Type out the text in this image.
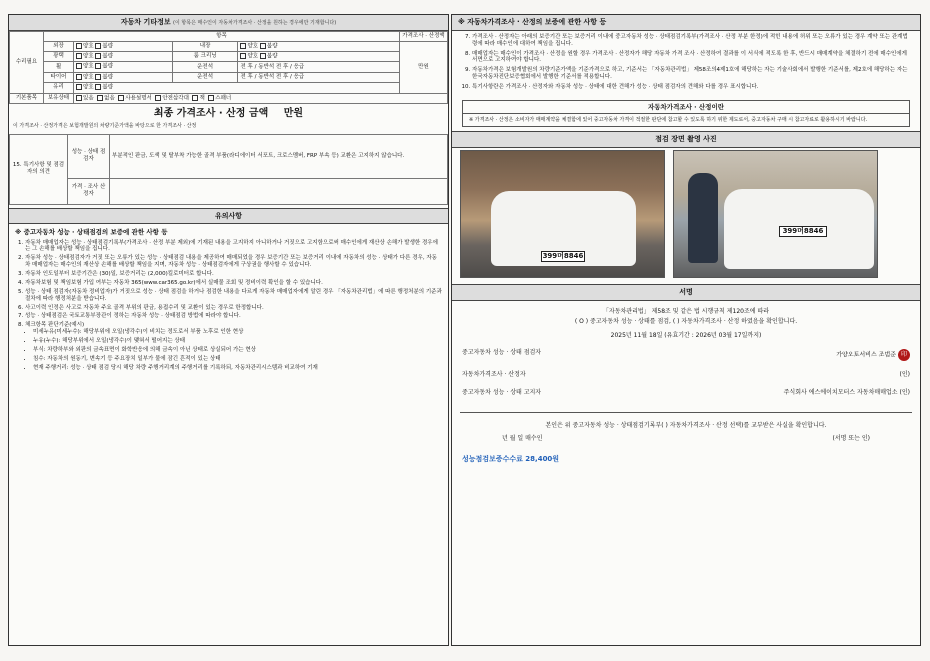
자동차 기타정보 (이 항목은 매수인이 자동차가격조사 · 산정을 원하는 경우에만 기재합니다)
수리필요	항목				가격조사 · 산정액
	외장	양호 불량	내장	양호 불량	만원
	광택	양호 불량	룸 크리닝	양호 불량	
	휠	양호 불량	운전석	전 후 / 동반석 전 후 / 응급	
	타이어	양호 불량	운전석	전 후 / 동반석 전 후 / 응급	
	유리	양호 불량			
기본품목	보유상태	있음 없음 사용설명서 안전삼각대 잭 스패너			
최종 가격조사 · 산정 금액 만원
이 가격조사 · 산정가격은 보험개발원의 차량기준가액을 바탕으로 한 가격조사 · 산정
15. 특기사항 및 점검자의 의견	성능 · 상태 점검자	부분적인 판금, 도색 및 탈부착 가능한 골격 부품(라디에이터 서포트, 크로스멤버, FRP 부속 등) 교환은 고지하지 않습니다.
	가격 · 조사 산정자	
유의사항
※ 중고자동차 성능 · 상태점검의 보증에 관한 사항 등
1. 자동차 매매업자는 성능 · 상태점검기록부(가격조사 · 산정 부분 제외)에 기재된 내용을 고지하지 아니하거나 거짓으로 고지함으로써 매수인에게 재산상 손해가 발생한 경우에는 그 손해를 배상할 책임을 집니다.
2. 자동차 성능 · 상태점검자가 거짓 또는 오류가 있는 성능 · 상태점검 내용을 제공하여 매매되었을 경우 보증기간 또는 보증거리 이내에 자동차의 성능 · 상태가 다른 경우, 자동차 매매업자는 매수인의 재산상 손해를 배상할 책임을 지며, 자동차 성능 · 상태점검자에게 구상권을 행사할 수 있습니다.
3. 자동차 인도일부터 보증기간은 (30)일, 보증거리는 (2,000)킬로미터로 합니다.
4. 자동차보험 및 책임보험 가입 여부는 자동차 365(www.car365.go.kr)에서 실매물 조회 및 정비이력 확인을 할 수 있습니다.
5. 성능 · 상태 점검자(자동차 정비업자)가 거짓으로 성능 · 상태 점검을 하거나 점검한 내용을 다르게 자동차 매매업자에게 알린 경우 「자동차관리법」에 따른 행정처분의 기준과 절차에 따라 행정처분을 받습니다.
6. 사고이력 인정은 사고로 자동차 주요 골격 부위의 판금, 용접수리 및 교환이 있는 경우로 한정합니다.
7. 성능 · 상태점검은 국토교통부장관이 정하는 자동차 성능 · 상태점검 방법에 따라야 합니다.
8. 체크항목 판단기준(예시)
• 미세누유(미세누수): 해당부위에 오일(냉각수)이 비치는 정도로서 부품 노후로 인한 현상
• 누유(누수): 해당부위에서 오일(냉각수)이 맺혀서 떨어지는 상태
• 부식: 차량하부와 외판의 금속표면이 화학반응에 의해 금속이 아닌 상태로 상실되어 가는 현상
• 침수: 자동차의 원동기, 변속기 등 주요장치 일부가 물에 잠긴 흔적이 있는 상태
• 현재 주행거리: 성능 · 상태 점검 당시 해당 차량 주행거리계의 주행거리를 기록하되, 자동차관리시스템과 비교하여 기재
※ 자동차가격조사 · 산정의 보증에 관한 사항 등
7. 가격조사 · 산정자는 아래의 보증기간 또는 보증거리 이내에 중고자동차 성능 · 상태점검기록부(가격조사 · 산정 부분 한정)에 적힌 내용에 허위 또는 오류가 있는 경우 계약 또는 관계법령에 따라 매수인에 대하여 책임을 집니다.
8. 매매업자는 매수인이 가격조사 · 산정을 원할 경우 가격조사 · 산정자가 해당 자동차 가격 조사 · 산정하여 결과를 이 서식에 적도록 한 후, 반드시 매매계약을 체결하기 전에 매수인에게 서면으로 고지하여야 합니다.
9. 자동차가격은 보험개발원의 차량기준가액을 기준가격으로 하고, 기준서는 「자동차관리법」 제58조의4제1호에 해당하는 자는 기술사회에서 발행한 기준서를, 제2호에 해당하는 자는 한국자동차진단보증협회에서 발행한 기준서를 적용합니다.
10. 특기사항란은 가격조사 · 산정자와 자동차 성능 · 상태에 대한 견해가 성능 · 상태 점검자의 견해와 다를 경우 표시합니다.
자동차가격조사 · 산정이란
※ 가격조사 · 산정은 소비자가 매매계약을 체결함에 있어 중고자동차 가격이 적절한 판단에 참고할 수 있도록 하기 위한 제도로서, 중고자동차 구매 시 참고자료로 활용하시기 바랍니다.
점검 장면 촬영 사진
399머8846
399머8846
서명
「자동차관리법」 제58조 및 같은 법 시행규칙 제120조에 따라
( O ) 중고자동차 성능 · 상태를 점검, ( ) 자동차가격조사 · 산정 하였음을 확인합니다.
2025년 11월 18일 (유효기간 : 2026년 03월 17일까지)
중고자동차 성능 · 상태 점검자	가양오토서비스 조범준 印
자동차가격조사 · 산정자	(인)
중고자동차 성능 · 상태 고지자	주식회사 에스에이치모터스 자동차매매업소 (인)
본인은 위 중고자동차 성능 · 상태점검기록부( ) 자동차가격조사 · 산정 선택)를 교부받은 사실을 확인합니다.
년 월 일 매수인	(서명 또는 인)
성능점검보증수수료 28,400원
